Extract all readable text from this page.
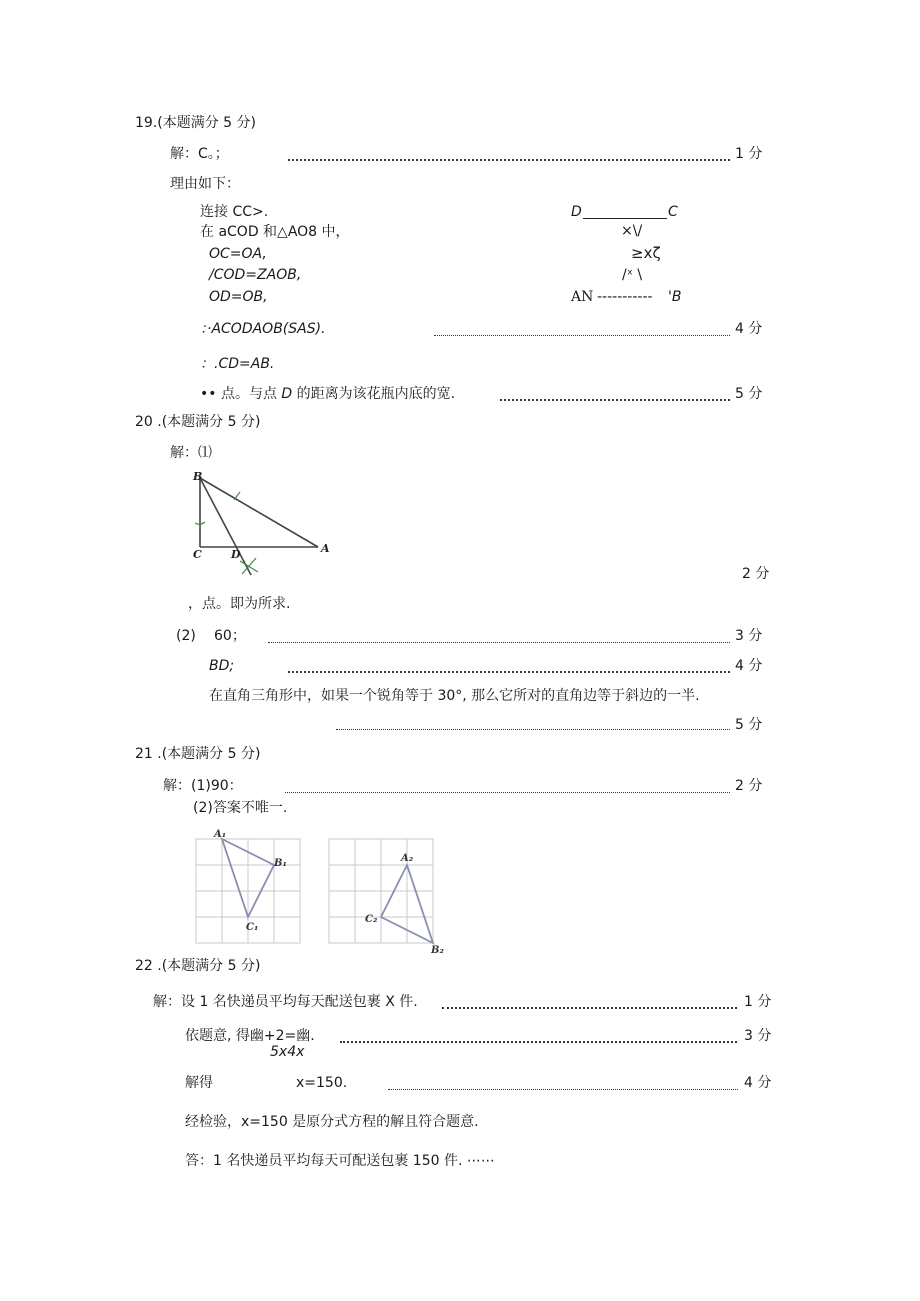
19.(本题满分 5 分)
解：C。；	1 分
理由如下：
连接 CC>.
在 aCOD 和△AO8 中，
OC=OA,
/COD=ZAOB,
OD=OB,
D	C
×\/
≥xζ
/ˣ \
AN ----------- 'B
：·ACODAOB(SAS).	4 分
：.CD=AB.
•• 点。与点 D 的距离为该花瓶内底的宽.	5 分
20 .(本题满分 5 分)
解：⑴
B
C	D	A
2 分
，点。即为所求.
(2) 60；	3 分
BD;	4 分
在直角三角形中，如果一个锐角等于 30°, 那么它所对的直角边等于斜边的一半.
5 分
21 .(本题满分 5 分)
解：(1)90：	2 分
(2)答案不唯一.
A₁
B₁
C₁
A₂
B₂
C₂
22 .(本题满分 5 分)
解：设 1 名快递员平均每天配送包裹 X 件.	1 分
依题意, 得幽+2=幽.	3 分
5x4x
解得	x=150.	4 分
经检验，x=150 是原分式方程的解且符合题意.
答：1 名快递员平均每天可配送包裹 150 件. ⋯⋯
